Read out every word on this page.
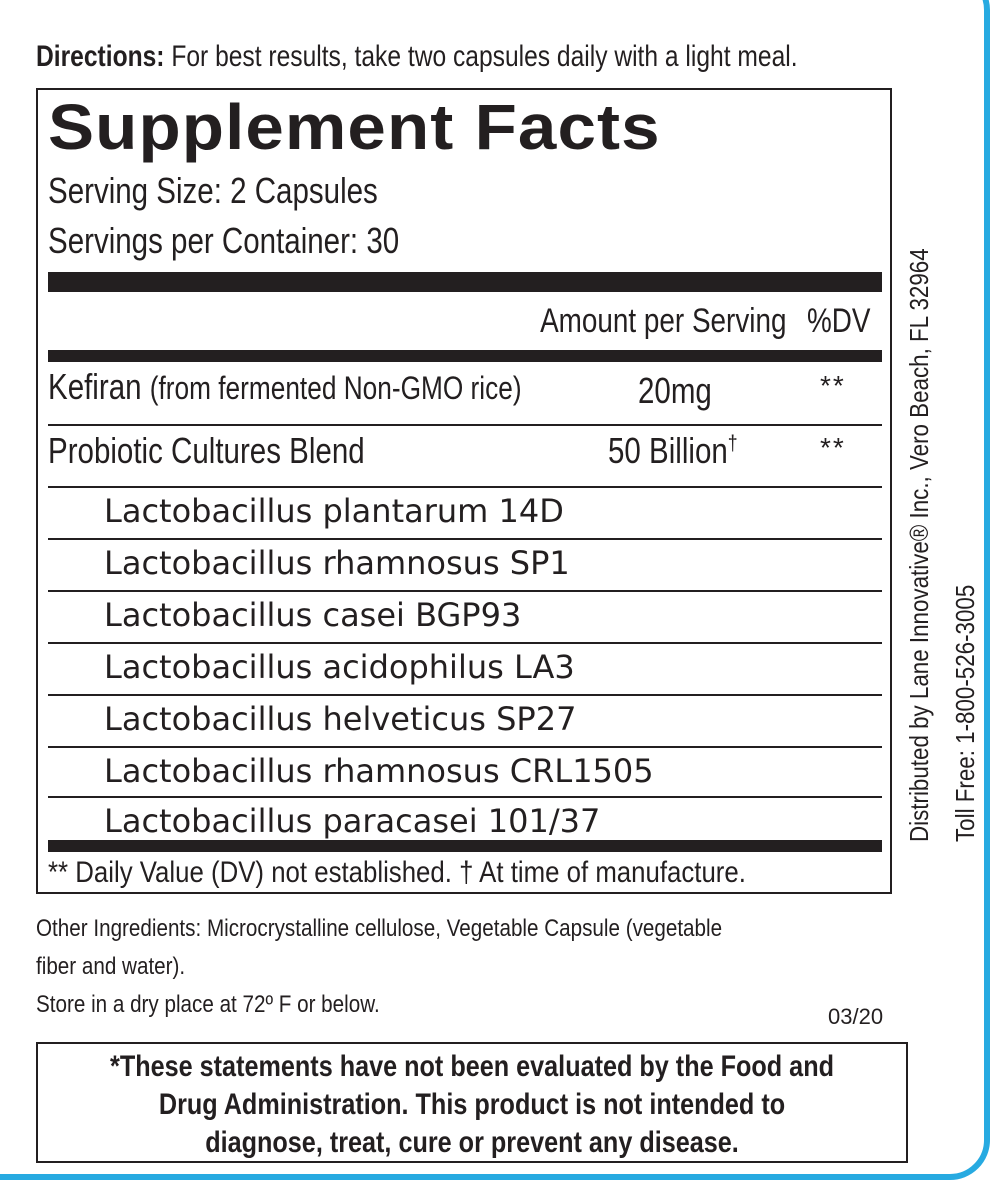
Directions: For best results, take two capsules daily with a light meal.
Supplement Facts
Serving Size: 2 Capsules
Servings per Container: 30
Amount per Serving %DV
Kefiran (from fermented Non-GMO rice)	20mg	**
Probiotic Cultures Blend	50 Billion†	**
Lactobacillus plantarum 14D
Lactobacillus rhamnosus SP1
Lactobacillus casei BGP93
Lactobacillus acidophilus LA3
Lactobacillus helveticus SP27
Lactobacillus rhamnosus CRL1505
Lactobacillus paracasei 101/37
** Daily Value (DV) not established. † At time of manufacture.
Distributed by Lane Innovative® Inc., Vero Beach, FL 32964 Toll Free: 1-800-526-3005
Other Ingredients: Microcrystalline cellulose, Vegetable Capsule (vegetable
fiber and water).
Store in a dry place at 72º F or below.	03/20
*These statements have not been evaluated by the Food and
Drug Administration. This product is not intended to
diagnose, treat, cure or prevent any disease.
